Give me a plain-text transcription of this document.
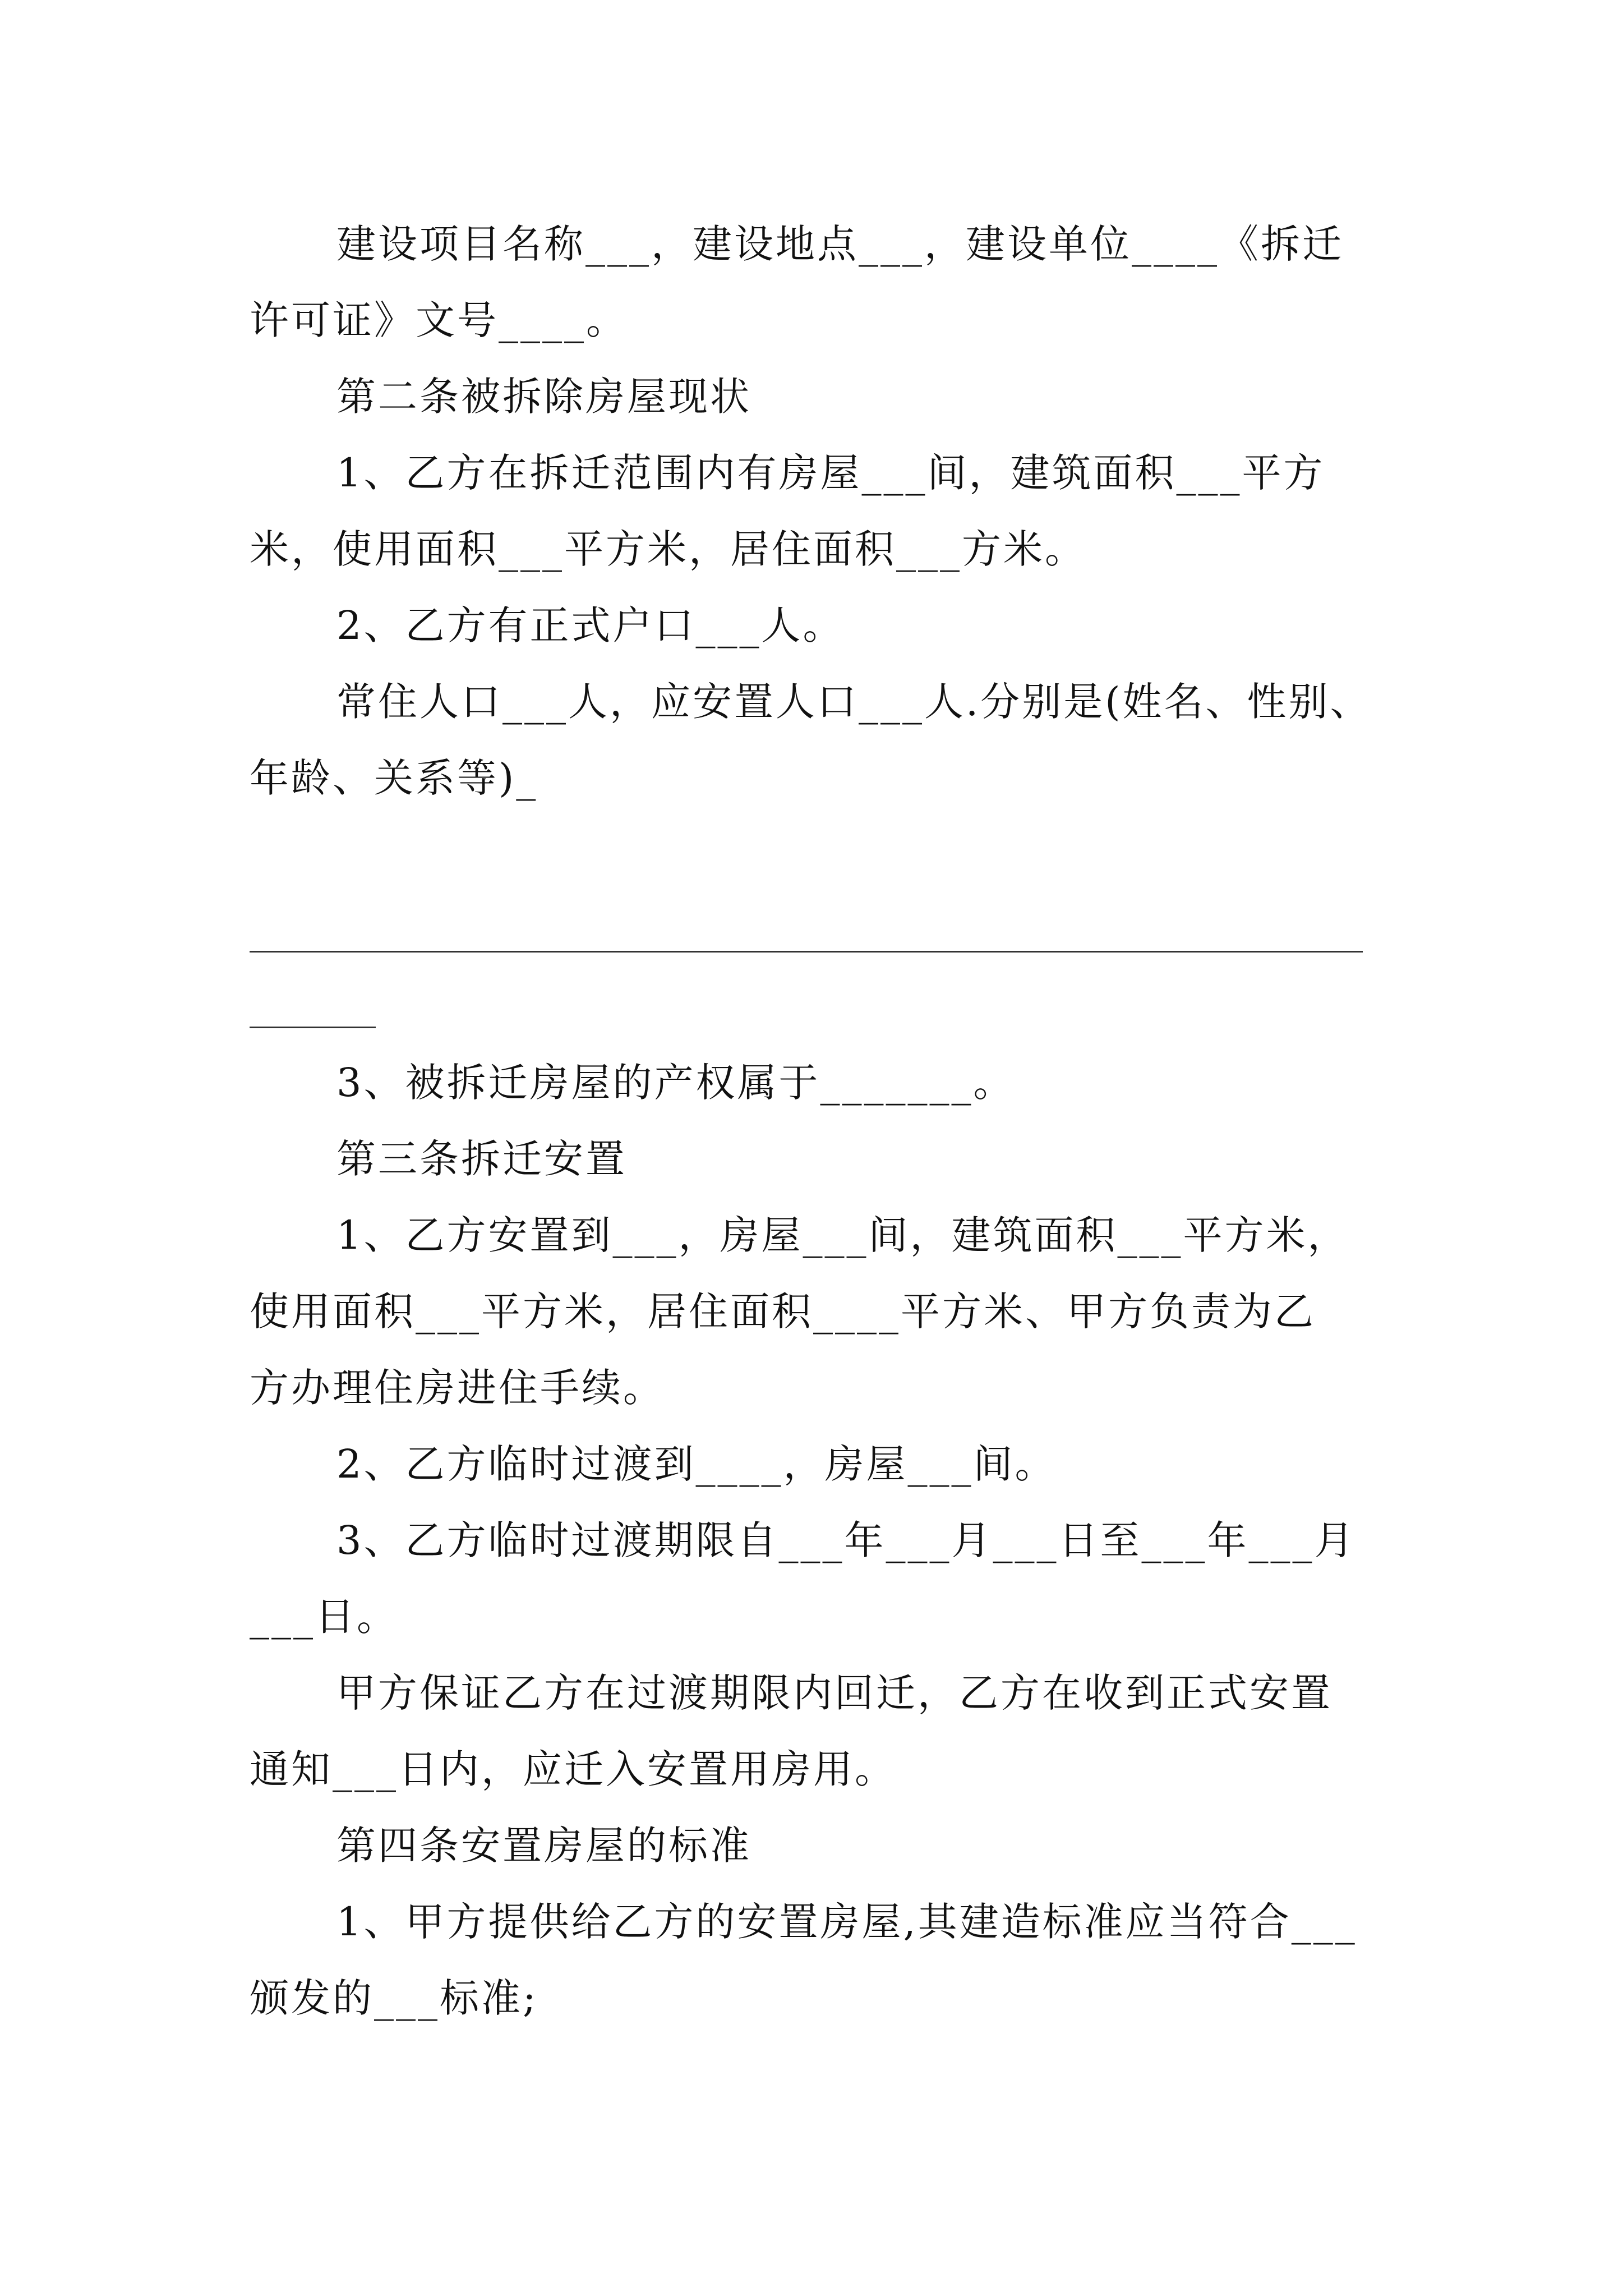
建设项目名称___，建设地点___，建设单位____《拆迁
许可证》文号____。
第二条被拆除房屋现状
1、乙方在拆迁范围内有房屋___间，建筑面积___平方
米，使用面积___平方米，居住面积___方米。
2、乙方有正式户口___人。
常住人口___人，应安置人口___人.分别是(姓名、性别、
年龄、关系等)_
3、被拆迁房屋的产权属于_______。
第三条拆迁安置
1、乙方安置到___，房屋___间，建筑面积___平方米，
使用面积___平方米，居住面积____平方米、甲方负责为乙
方办理住房进住手续。
2、乙方临时过渡到____，房屋___间。
3、乙方临时过渡期限自___年___月___日至___年___月
___日。
甲方保证乙方在过渡期限内回迁，乙方在收到正式安置
通知___日内，应迁入安置用房用。
第四条安置房屋的标准
1、甲方提供给乙方的安置房屋,其建造标准应当符合___
颁发的___标准;
